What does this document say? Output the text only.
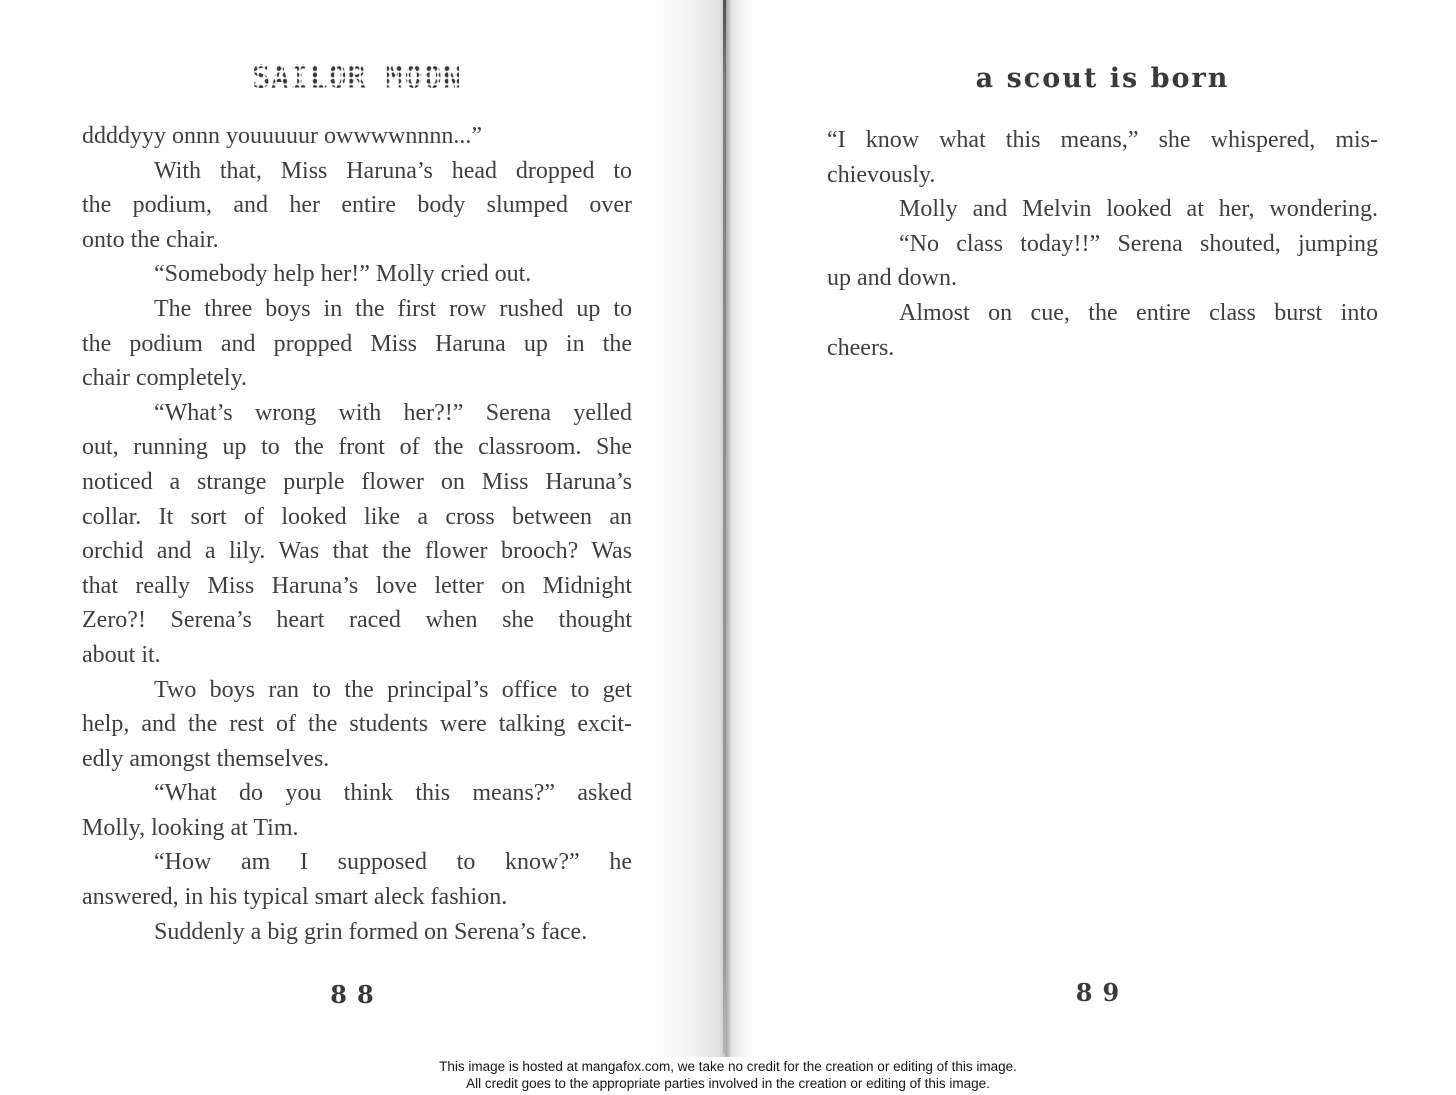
SAILOR MOON
ddddyyy onnn youuuuur owwwwnnnn...”
With that, Miss Haruna’s head dropped to
the podium, and her entire body slumped over
onto the chair.
“Somebody help her!” Molly cried out.
The three boys in the first row rushed up to
the podium and propped Miss Haruna up in the
chair completely.
“What’s wrong with her?!” Serena yelled
out, running up to the front of the classroom. She
noticed a strange purple flower on Miss Haruna’s
collar. It sort of looked like a cross between an
orchid and a lily. Was that the flower brooch? Was
that really Miss Haruna’s love letter on Midnight
Zero?! Serena’s heart raced when she thought
about it.
Two boys ran to the principal’s office to get
help, and the rest of the students were talking excit-
edly amongst themselves.
“What do you think this means?” asked
Molly, looking at Tim.
“How am I supposed to know?” he
answered, in his typical smart aleck fashion.
Suddenly a big grin formed on Serena’s face.
88
a scout is born
“I know what this means,” she whispered, mis-
chievously.
Molly and Melvin looked at her, wondering.
“No class today!!” Serena shouted, jumping
up and down.
Almost on cue, the entire class burst into
cheers.
89
This image is hosted at mangafox.com, we take no credit for the creation or editing of this image.
All credit goes to the appropriate parties involved in the creation or editing of this image.
